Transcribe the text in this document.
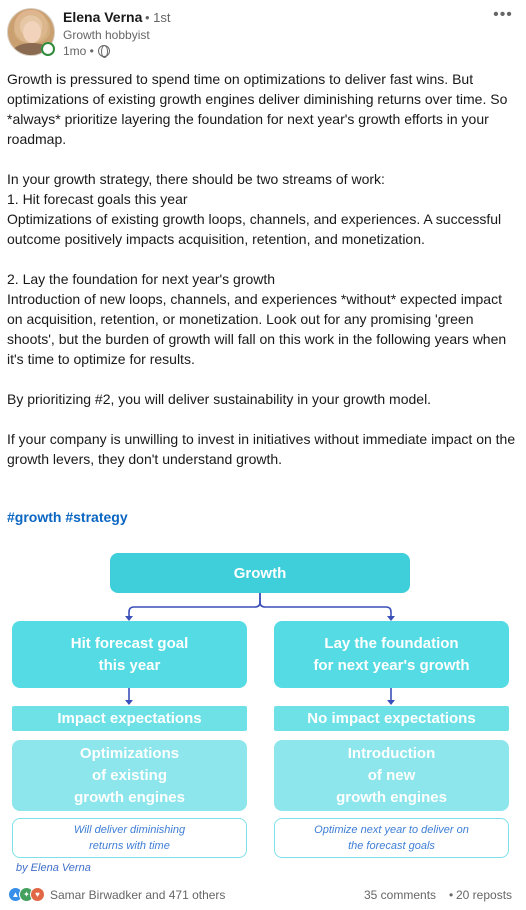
Elena Verna • 1st
Growth hobbyist
1mo •
•••

Growth is pressured to spend time on optimizations to deliver fast wins. But optimizations of existing growth engines deliver diminishing returns over time. So *always* prioritize layering the foundation for next year's growth efforts in your roadmap.

In your growth strategy, there should be two streams of work:
1. Hit forecast goals this year
Optimizations of existing growth loops, channels, and experiences. A successful outcome positively impacts acquisition, retention, and monetization.

2. Lay the foundation for next year's growth
Introduction of new loops, channels, and experiences *without* expected impact on acquisition, retention, or monetization. Look out for any promising 'green shoots', but the burden of growth will fall on this work in the following years when it's time to optimize for results.

By prioritizing #2, you will deliver sustainability in your growth model.

If your company is unwilling to invest in initiatives without immediate impact on the growth levers, they don't understand growth.

#growth #strategy
Growth
Hit forecast goal
this year
Lay the foundation
for next year's growth
Impact expectations	No impact expectations
Optimizations
of existing
growth engines
Introduction
of new
growth engines
Will deliver diminishing
returns with time
Optimize next year to deliver on
the forecast goals
by Elena Verna
▲ ✦ ♥ Samar Birwadker and 471 others	35 comments • 20 reposts
